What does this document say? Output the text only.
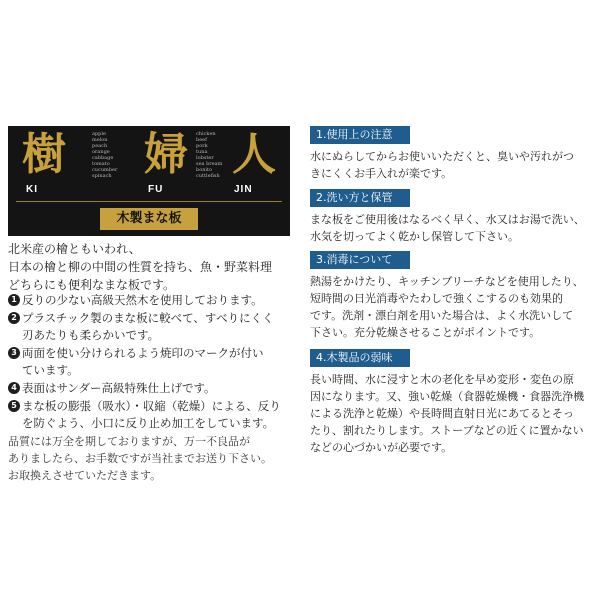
樹 婦 人
apple
melon
peach
orange
cabbage
tomato
cucumber
spinach
chicken
beef
pork
tuna
lobster
sea bream
bonito
cuttlefish
KI	FU	JIN
木製まな板
北米産の檜ともいわれ、
日本の檜と柳の中間の性質を持ち、魚・野菜料理
どちらにも便利なまな板です。
1 反りの少ない高級天然木を使用しております。
2 プラスチック製のまな板に較べて、すべりにくく
刃あたりも柔らかいです。
3 両面を使い分けられるよう焼印のマークが付い
ています。
4 表面はサンダー高級特殊仕上げです。
5 まな板の膨張（吸水）・収縮（乾燥）による、反り
を防ぐよう、小口に反り止め加工をしています。
品質には万全を期しておりますが、万一不良品が
ありましたら、お手数ですが当社までお送り下さい。
お取換えさせていただきます。
1.使用上の注意
水にぬらしてからお使いいただくと、臭いや汚れがつ
きにくくお手入れが楽です。
2.洗い方と保管
まな板をご使用後はなるべく早く、水又はお湯で洗い、
水気を切ってよく乾かし保管して下さい。
3.消毒について
熱湯をかけたり、キッチンブリーチなどを使用したり、
短時間の日光消毒やたわしで強くこするのも効果的
です。洗剤・漂白剤を用いた場合は、よく水洗いして
下さい。充分乾燥させることがポイントです。
4.木製品の弱味
長い時間、水に浸すと木の老化を早め変形・変色の原
因になります。又、強い乾燥（食器乾燥機・食器洗浄機
による洗浄と乾燥）や長時間直射日光にあてるとそっ
たり、割れたりします。ストーブなどの近くに置かない
などの心づかいが必要です。
